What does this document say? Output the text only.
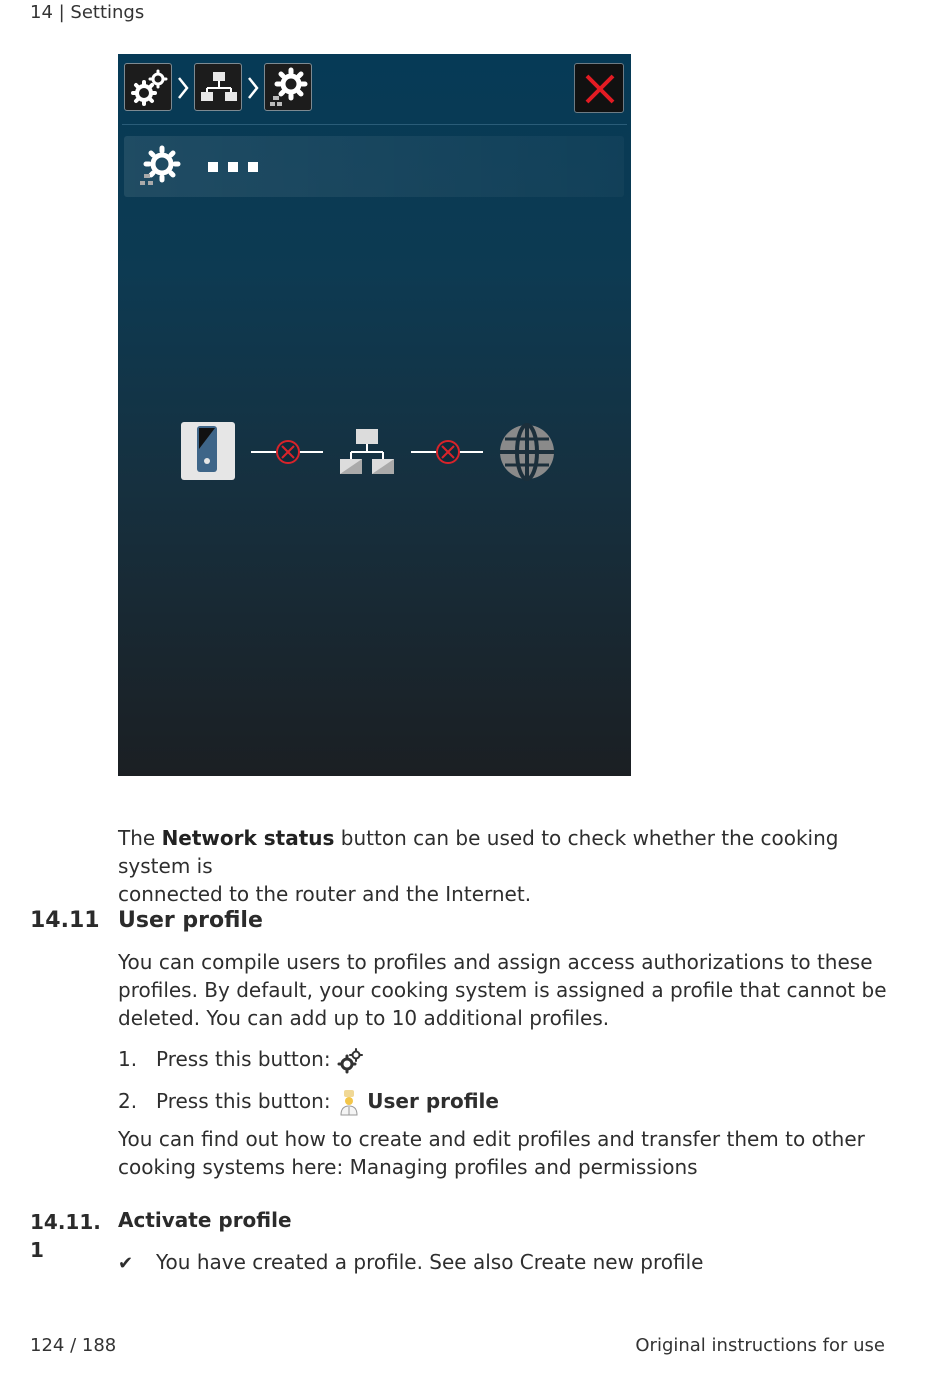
14 | Settings
The Network status button can be used to check whether the cooking system is
connected to the router and the Internet.
14.11 User profile
You can compile users to profiles and assign access authorizations to these
profiles. By default, your cooking system is assigned a profile that cannot be
deleted. You can add up to 10 additional profiles.
1. Press this button:
2. Press this button:  User profile
You can find out how to create and edit profiles and transfer them to other
cooking systems here: Managing profiles and permissions
14.11.
1
Activate profile
✔ You have created a profile. See also Create new profile
124 / 188	Original instructions for use
